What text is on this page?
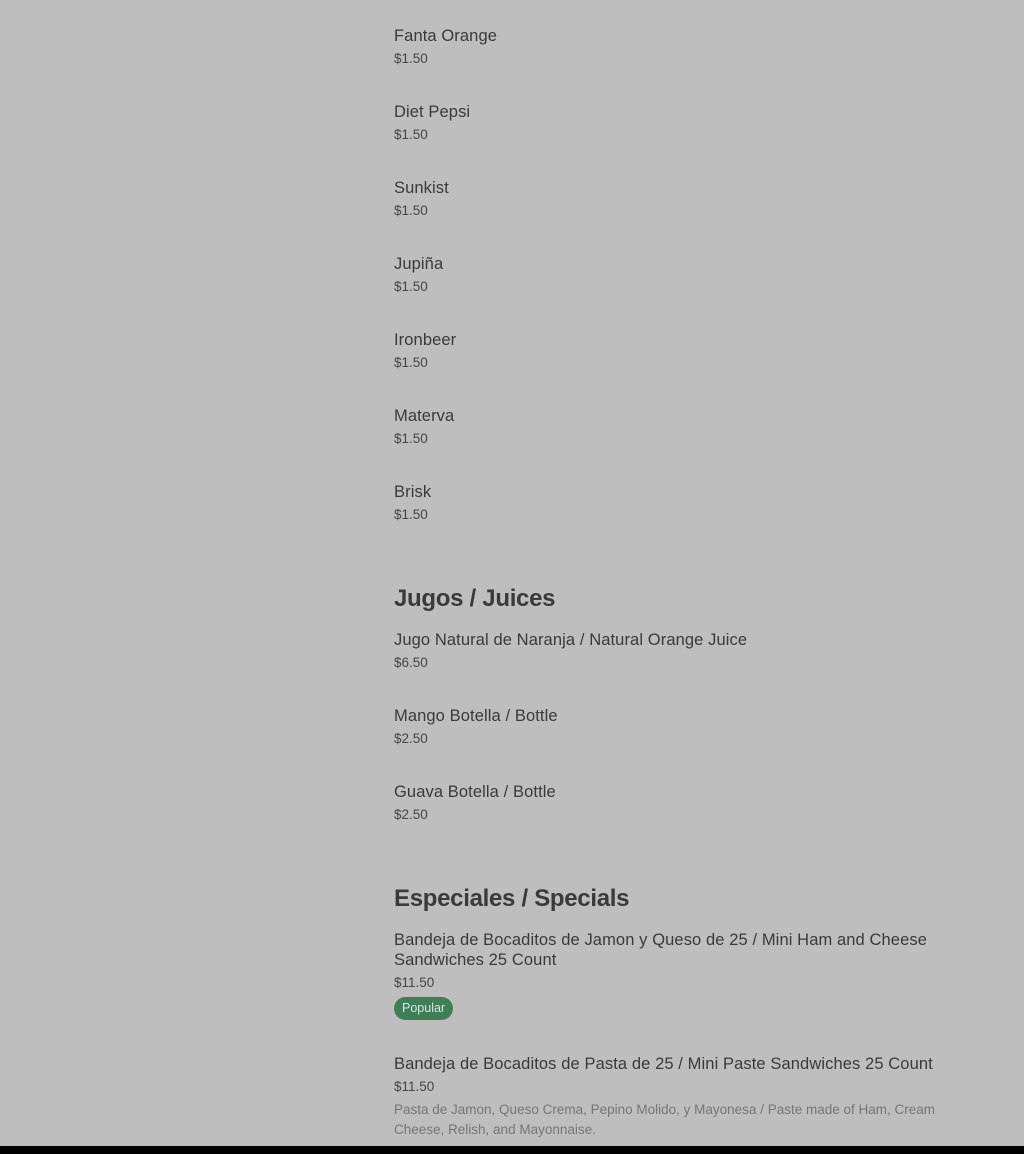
Fanta Orange
$1.50
Diet Pepsi
$1.50
Sunkist
$1.50
Jupiña
$1.50
Ironbeer
$1.50
Materva
$1.50
Brisk
$1.50
Jugos / Juices
Jugo Natural de Naranja / Natural Orange Juice
$6.50
Mango Botella / Bottle
$2.50
Guava Botella / Bottle
$2.50
Especiales / Specials
Bandeja de Bocaditos de Jamon y Queso de 25 / Mini Ham and Cheese Sandwiches 25 Count
$11.50
Popular
Bandeja de Bocaditos de Pasta de 25 / Mini Paste Sandwiches 25 Count
$11.50
Pasta de Jamon, Queso Crema, Pepino Molido, y Mayonesa / Paste made of Ham, Cream Cheese, Relish, and Mayonnaise.
